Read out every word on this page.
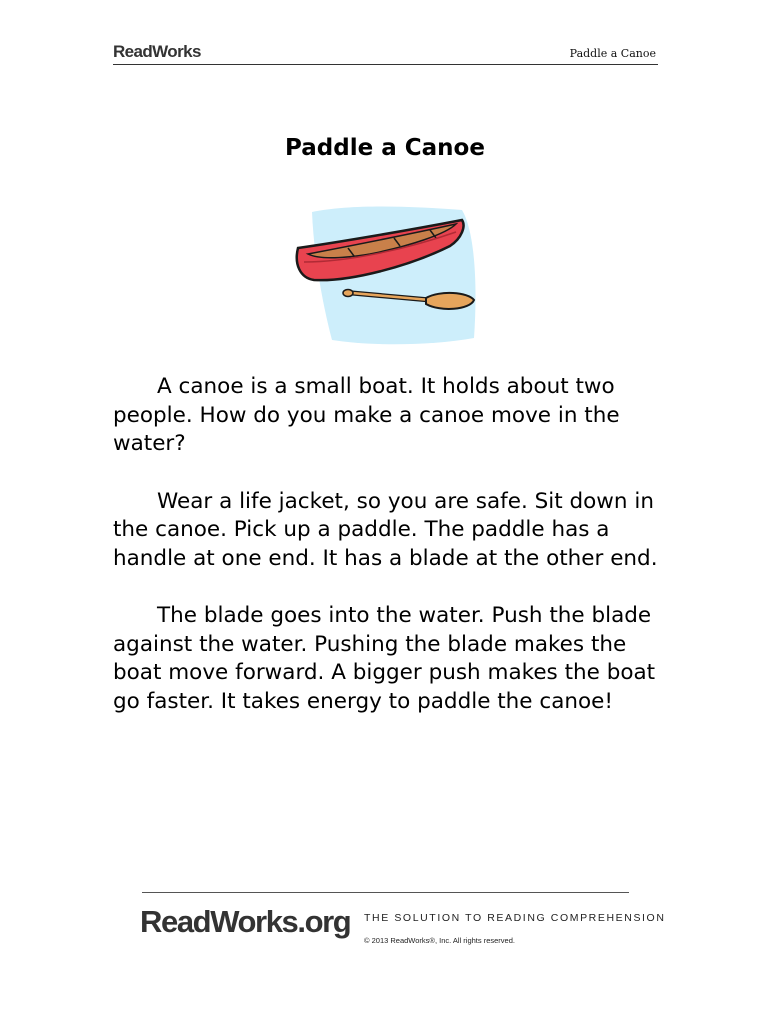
ReadWorks	Paddle a Canoe
Paddle a Canoe

A canoe is a small boat. It holds about two people. How do you make a canoe move in the water?

Wear a life jacket, so you are safe. Sit down in the canoe. Pick up a paddle. The paddle has a handle at one end. It has a blade at the other end.

The blade goes into the water. Push the blade against the water. Pushing the blade makes the boat move forward. A bigger push makes the boat go faster. It takes energy to paddle the canoe!

ReadWorks.org THE SOLUTION TO READING COMPREHENSION
© 2013 ReadWorks®, Inc. All rights reserved.
